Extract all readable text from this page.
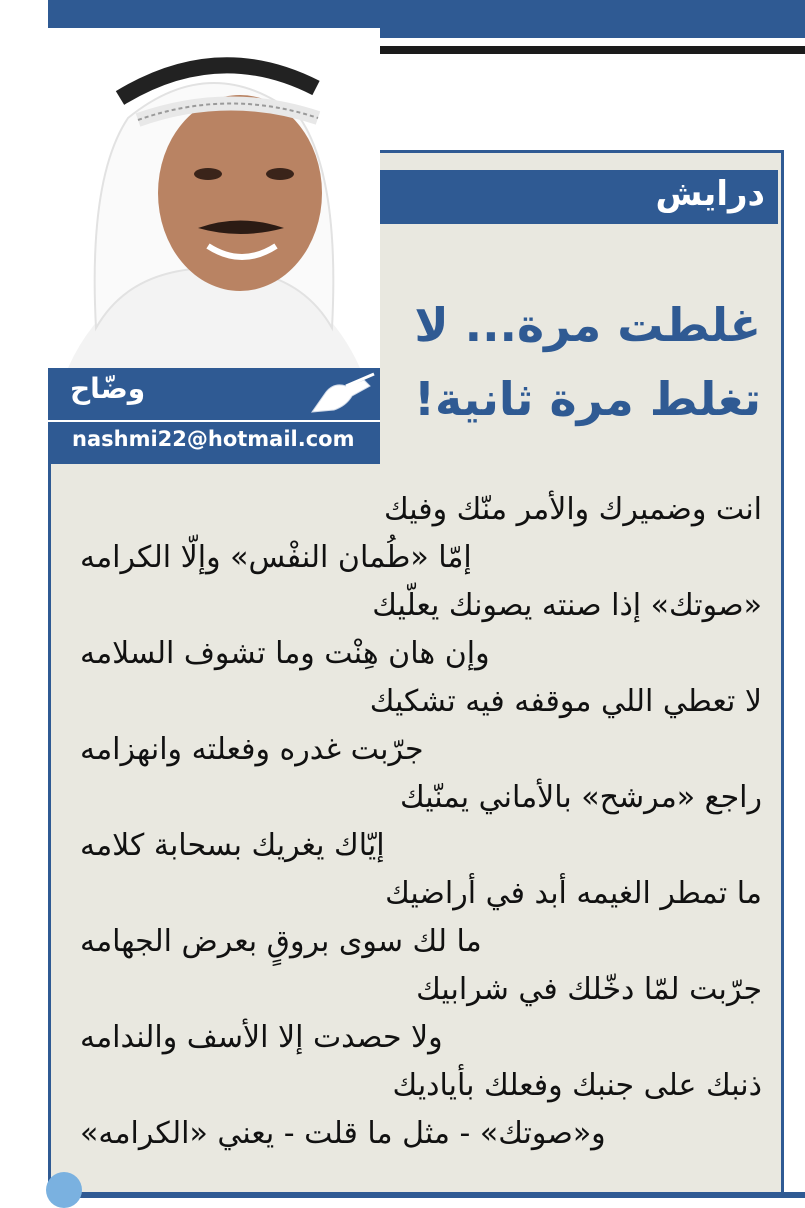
درايش
غلطت مرة... لا
تغلط مرة ثانية!
وضّاح
nashmi22@hotmail.com
انت وضميرك والأمر منّك وفيك
إمّا «طُمان النفْس» وإلّا الكرامه
«صوتك» إذا صنته يصونك يعلّيك
وإن هان هِنْت وما تشوف السلامه
لا تعطي اللي موقفه فيه تشكيك
جرّبت غدره وفعلته وانهزامه
راجع «مرشح» بالأماني يمنّيك
إيّاك يغريك بسحابة كلامه
ما تمطر الغيمه أبد في أراضيك
ما لك سوى بروقٍ بعرض الجهامه
جرّبت لمّا دخّلك في شرابيك
ولا حصدت إلا الأسف والندامه
ذنبك على جنبك وفعلك بأياديك
و«صوتك» - مثل ما قلت - يعني «الكرامه»
